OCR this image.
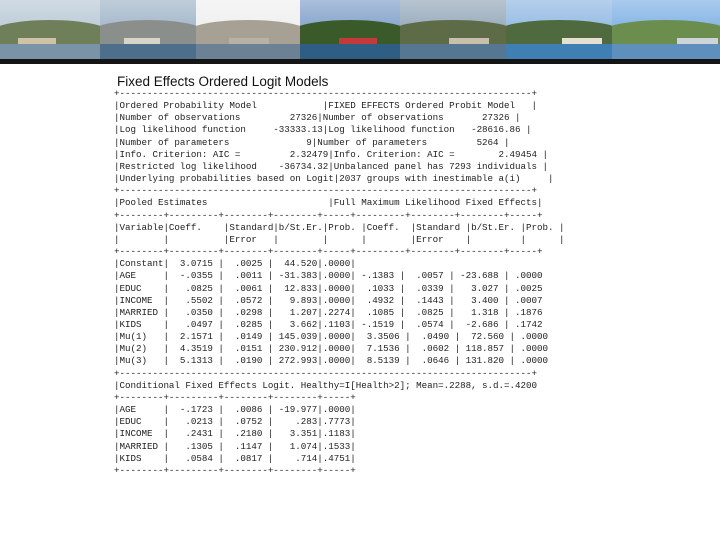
Fixed Effects Ordered Logit Models
+---------------------------------------------------------------------------+
|Ordered Probability Model            |FIXED EFFECTS Ordered Probit Model   |
|Number of observations         27326|Number of observations       27326 |
|Log likelihood function     -33333.13|Log likelihood function   -28616.86 |
|Number of parameters              9|Number of parameters         5264 |
|Info. Criterion: AIC =         2.32479|Info. Criterion: AIC =        2.49454 |
|Restricted log likelihood    -36734.32|Unbalanced panel has 7293 individuals |
|Underlying probabilities based on Logit|2037 groups with inestimable a(i)     |
+---------------------------------------------------------------------------+
|Pooled Estimates                      |Full Maximum Likelihood Fixed Effects|
+--------+---------+--------+--------+-----+---------+--------+--------+-----+
|Variable|Coeff.    |Standard|b/St.Er.|Prob. |Coeff.  |Standard |b/St.Er. |Prob. |
|        |          |Error   |        |      |        |Error    |         |      |
+--------+---------+--------+--------+-----+---------+--------+--------+-----+
|Constant|  3.0715 |  .0025 |  44.520|.0000|
|AGE     |  -.0355 |  .0011 | -31.383|.0000| -.1383 |  .0057 | -23.688 | .0000
|EDUC    |   .0825 |  .0061 |  12.833|.0000|  .1033 |  .0339 |   3.027 | .0025
|INCOME  |   .5502 |  .0572 |   9.893|.0000|  .4932 |  .1443 |   3.400 | .0007
|MARRIED |   .0350 |  .0298 |   1.207|.2274|  .1085 |  .0825 |   1.318 | .1876
|KIDS    |   .0497 |  .0285 |   3.662|.1103| -.1519 |  .0574 |  -2.686 | .1742
|Mu(1)   |  2.1571 |  .0149 | 145.039|.0000|  3.3506 |  .0490 |  72.560 | .0000
|Mu(2)   |  4.3519 |  .0151 | 230.912|.0000|  7.1536 |  .0602 | 118.857 | .0000
|Mu(3)   |  5.1313 |  .0190 | 272.993|.0000|  8.5139 |  .0646 | 131.820 | .0000
+---------------------------------------------------------------------------+
|Conditional Fixed Effects Logit. Healthy=I[Health>2]; Mean=.2288, s.d.=.4200
+--------+---------+--------+--------+-----+
|AGE     |  -.1723 |  .0086 | -19.977|.0000|
|EDUC    |   .0213 |  .0752 |    .283|.7773|
|INCOME  |   .2431 |  .2180 |   3.351|.1183|
|MARRIED |   .1305 |  .1147 |   1.074|.1533|
|KIDS    |   .0584 |  .0817 |    .714|.4751|
+--------+---------+--------+--------+-----+
